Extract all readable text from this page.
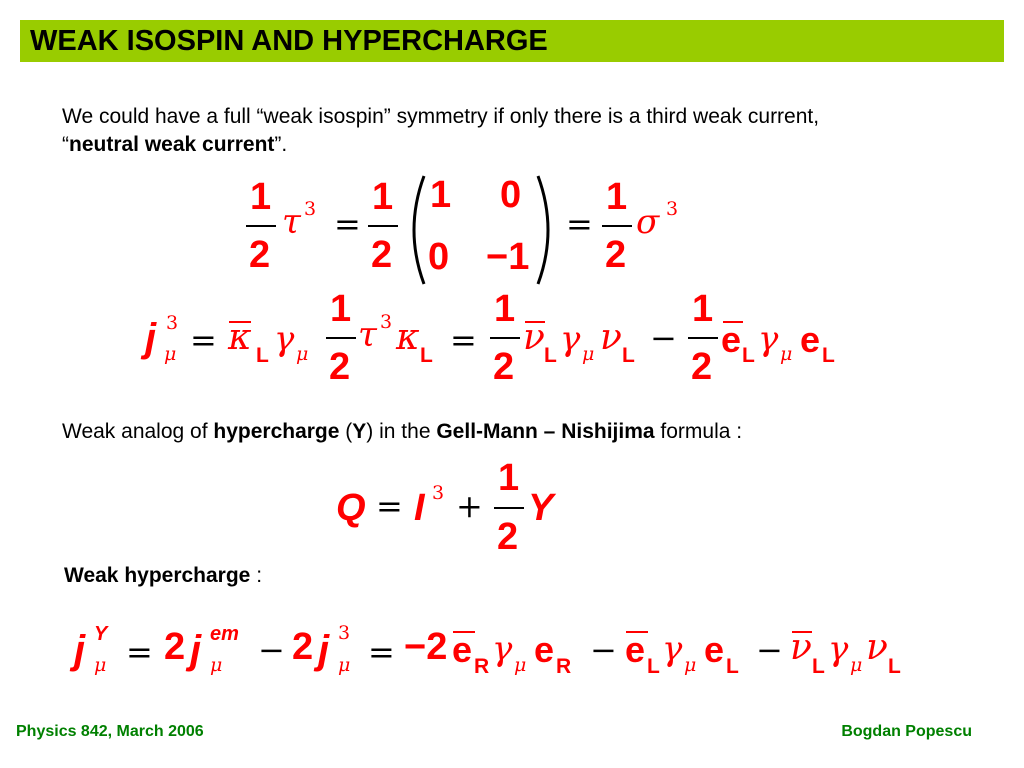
WEAK ISOSPIN AND HYPERCHARGE
We could have a full “weak isospin” symmetry if only there is a third weak current,
“neutral weak current”.
1
2
τ 3 =
1
2
1 0
0 −1
=
1
2
σ 3
j 3
μ = κ L γ μ
1
2
τ 3 κ L =
1
2
ν L γ μ ν L −
1
2
e L γ μ e L
Weak analog of hypercharge (Y) in the Gell-Mann – Nishijima formula :
Q = I 3 +
1
2
Y
Weak hypercharge :
j Y
μ = 2 j em
μ − 2 j 3
μ = −2 e R γ μ e R − e L γ μ e L − ν L γ μ ν L
Physics 842, March 2006	Bogdan Popescu
